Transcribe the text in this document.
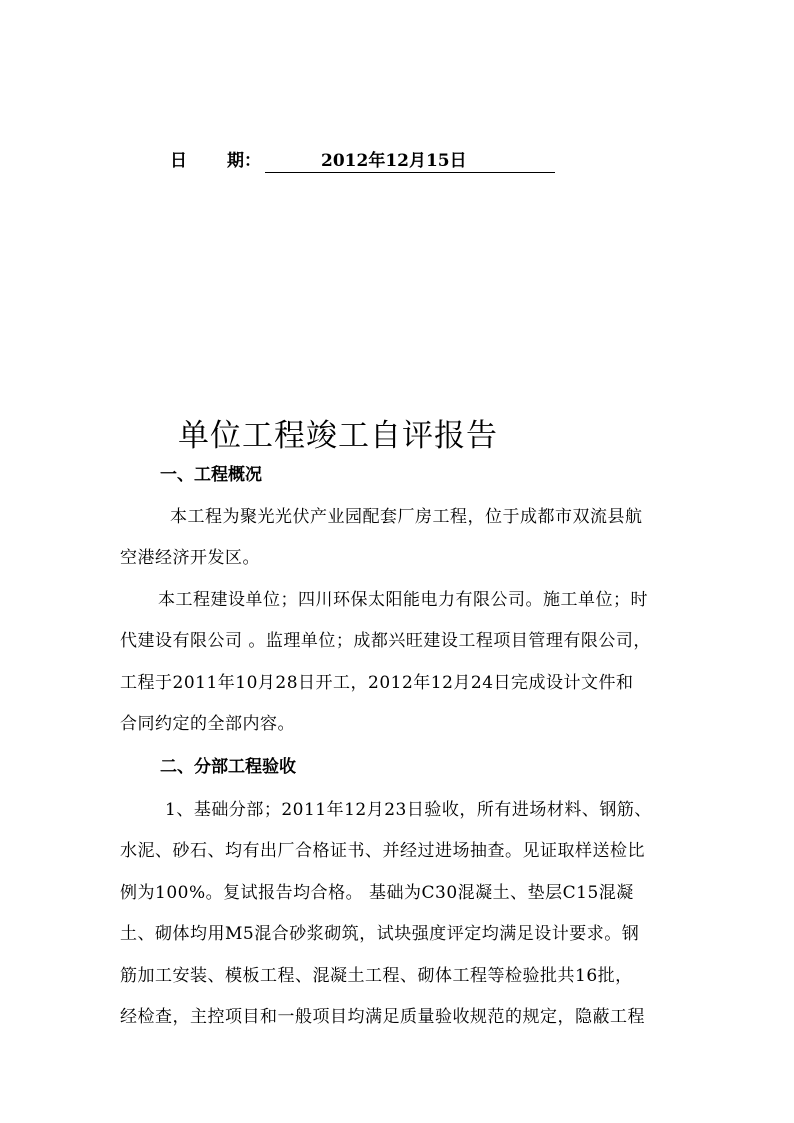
日 期：	2012年12月15日
单位工程竣工自评报告
一、工程概况
本工程为聚光光伏产业园配套厂房工程，位于成都市双流县航
空港经济开发区。
本工程建设单位；四川环保太阳能电力有限公司。施工单位；时
代建设有限公司 。监理单位；成都兴旺建设工程项目管理有限公司，
工程于2011年10月28日开工，2012年12月24日完成设计文件和
合同约定的全部内容。
二、分部工程验收
1、基础分部；2011年12月23日验收，所有进场材料、钢筋、
水泥、砂石、均有出厂合格证书、并经过进场抽查。见证取样送检比
例为100%。复试报告均合格。 基础为C30混凝土、垫层C15混凝
土、砌体均用M5混合砂浆砌筑，试块强度评定均满足设计要求。钢
筋加工安装、模板工程、混凝土工程、砌体工程等检验批共16批，
经检查，主控项目和一般项目均满足质量验收规范的规定，隐蔽工程
